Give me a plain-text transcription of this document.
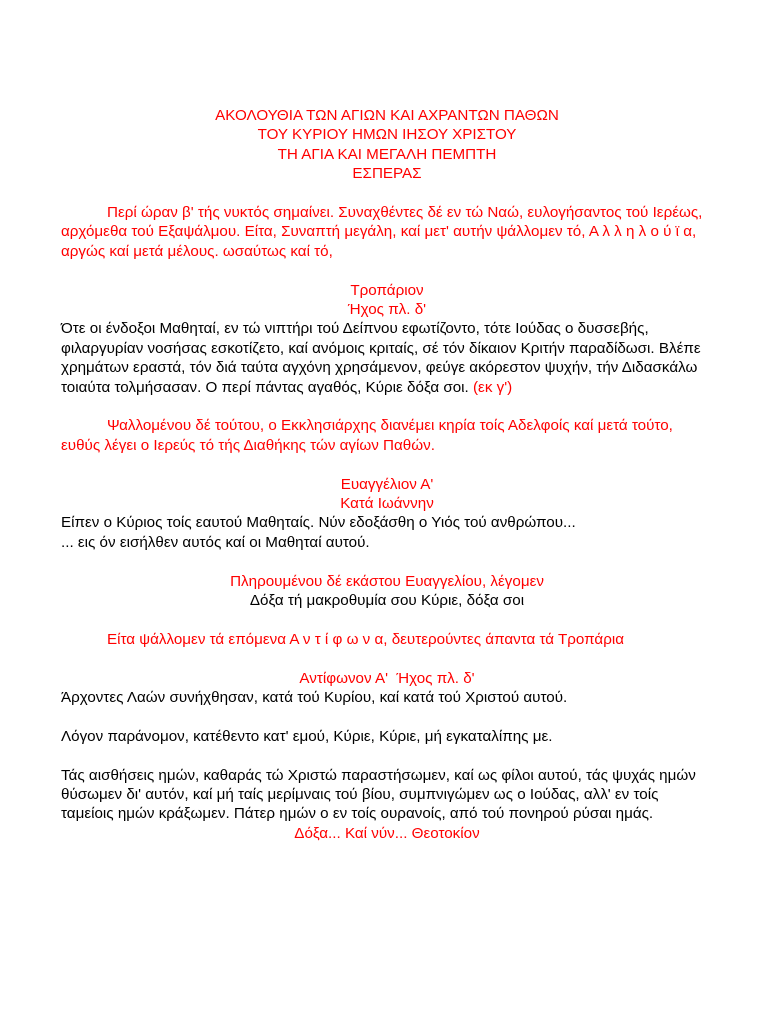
ΑΚΟΛΟΥΘΙΑ ΤΩΝ ΑΓΙΩΝ ΚΑΙ ΑΧΡΑΝΤΩΝ ΠΑΘΩΝ
ΤΟΥ ΚΥΡΙΟΥ ΗΜΩΝ ΙΗΣΟΥ ΧΡΙΣΤΟΥ
ΤΗ ΑΓΙΑ ΚΑΙ ΜΕΓΑΛΗ ΠΕΜΠΤΗ
ΕΣΠΕΡΑΣ

Περί ώραν β' τής νυκτός σημαίνει. Συναχθέντες δέ εν τώ Ναώ, ευλογήσαντος τού Ιερέως, αρχόμεθα τού Εξαψάλμου. Είτα, Συναπτή μεγάλη, καί μετ' αυτήν ψάλλομεν τό, Α λ λ η λ ο ύ ϊ α, αργώς καί μετά μέλους. ωσαύτως καί τό,

Τροπάριον
Ήχος πλ. δ'

Ότε οι ένδοξοι Μαθηταί, εν τώ νιπτήρι τού Δείπνου εφωτίζοντο, τότε Ιούδας ο δυσσεβής, φιλαργυρίαν νοσήσας εσκοτίζετο, καί ανόμοις κριταίς, σέ τόν δίκαιον Κριτήν παραδίδωσι. Βλέπε χρημάτων εραστά, τόν διά ταύτα αγχόνη χρησάμενον, φεύγε ακόρεστον ψυχήν, τήν Διδασκάλω τοιαύτα τολμήσασαν. Ο περί πάντας αγαθός, Κύριε δόξα σοι. (εκ γ')

Ψαλλομένου δέ τούτου, ο Εκκλησιάρχης διανέμει κηρία τοίς Αδελφοίς καί μετά τούτο, ευθύς λέγει ο Ιερεύς τό τής Διαθήκης τών αγίων Παθών.

Ευαγγέλιον Α'
Κατά Ιωάννην
Είπεν ο Κύριος τοίς εαυτού Μαθηταίς. Νύν εδοξάσθη ο Υιός τού ανθρώπου...
... εις όν εισήλθεν αυτός καί οι Μαθηταί αυτού.
Πληρουμένου δέ εκάστου Ευαγγελίου, λέγομεν
Δόξα τή μακροθυμία σου Κύριε, δόξα σοι

Είτα ψάλλομεν τά επόμενα Α ν τ ί φ ω ν α, δευτερούντες άπαντα τά Τροπάρια

Αντίφωνον Α'  Ήχος πλ. δ'

Άρχοντες Λαών συνήχθησαν, κατά τού Κυρίου, καί κατά τού Χριστού αυτού.

Λόγον παράνομον, κατέθεντο κατ' εμού, Κύριε, Κύριε, μή εγκαταλίπης με.

Τάς αισθήσεις ημών, καθαράς τώ Χριστώ παραστήσωμεν, καί ως φίλοι αυτού, τάς ψυχάς ημών θύσωμεν δι' αυτόν, καί μή ταίς μερίμναις τού βίου, συμπνιγώμεν ως ο Ιούδας, αλλ' εν τοίς ταμείοις ημών κράξωμεν. Πάτερ ημών ο εν τοίς ουρανοίς, από τού πονηρού ρύσαι ημάς.

Δόξα... Καί νύν... Θεοτοκίον
